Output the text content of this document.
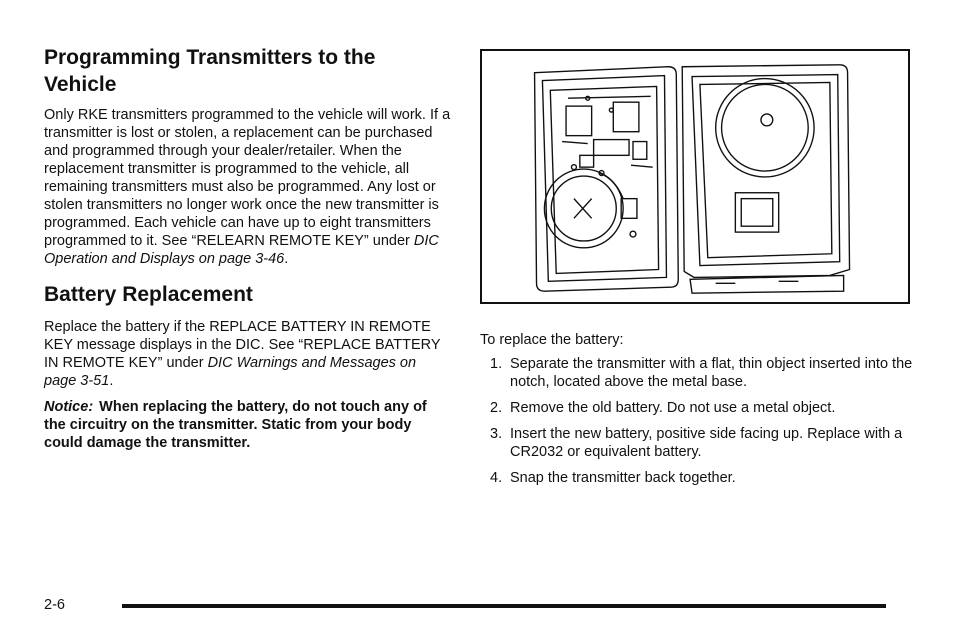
Programming Transmitters to the Vehicle

Only RKE transmitters programmed to the vehicle will work. If a transmitter is lost or stolen, a replacement can be purchased and programmed through your dealer/retailer. When the replacement transmitter is programmed to the vehicle, all remaining transmitters must also be programmed. Any lost or stolen transmitters no longer work once the new transmitter is programmed. Each vehicle can have up to eight transmitters programmed to it. See “RELEARN REMOTE KEY” under DIC Operation and Displays on page 3-46.

Battery Replacement

Replace the battery if the REPLACE BATTERY IN REMOTE KEY message displays in the DIC. See “REPLACE BATTERY IN REMOTE KEY” under DIC Warnings and Messages on page 3-51.

Notice: When replacing the battery, do not touch any of the circuitry on the transmitter. Static from your body could damage the transmitter.

To replace the battery:

1. Separate the transmitter with a flat, thin object inserted into the notch, located above the metal base.
2. Remove the old battery. Do not use a metal object.
3. Insert the new battery, positive side facing up. Replace with a CR2032 or equivalent battery.
4. Snap the transmitter back together.
2-6
